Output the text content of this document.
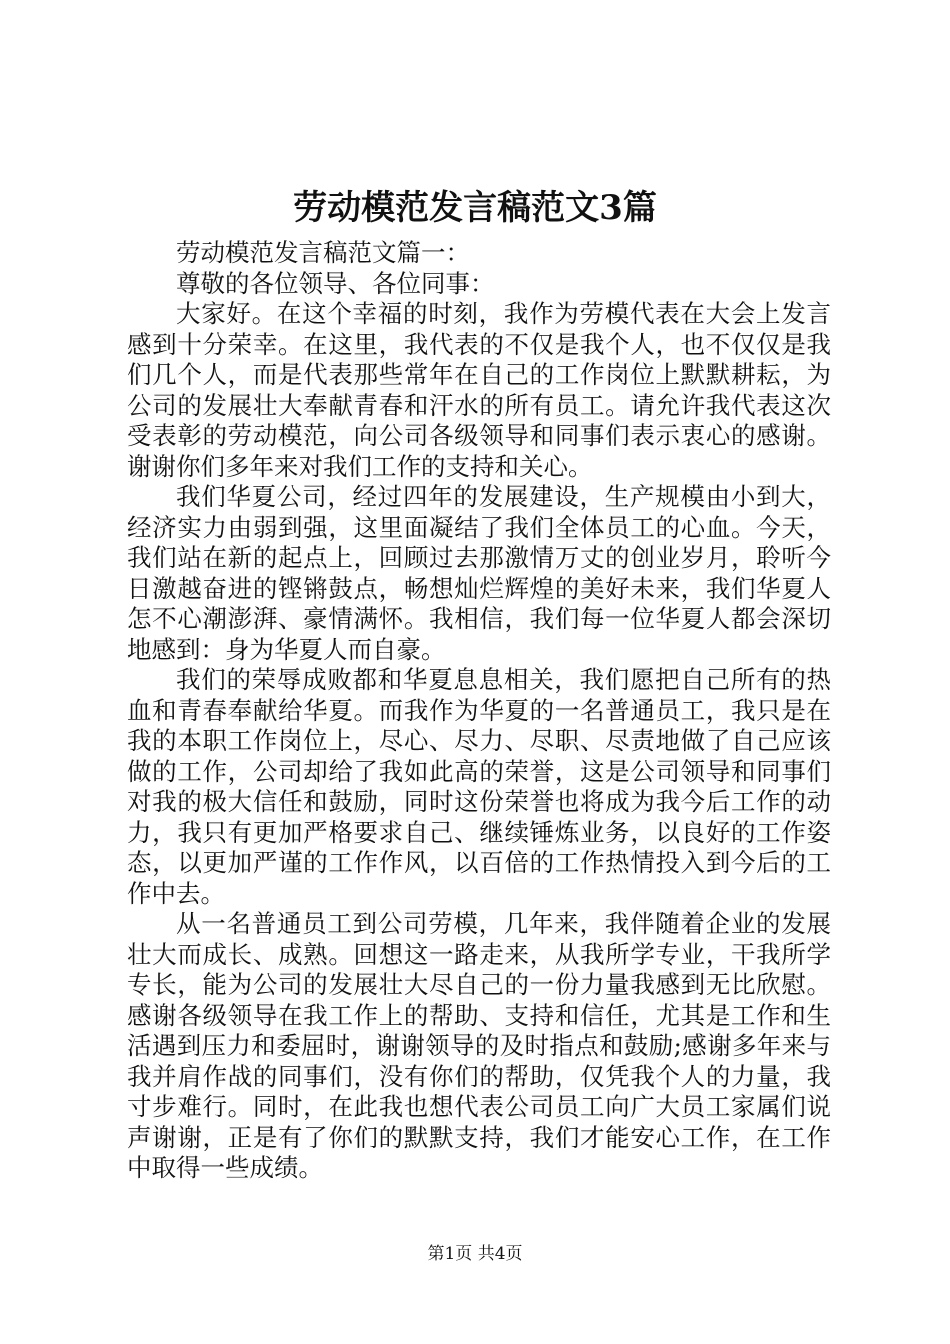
劳动模范发言稿范文3篇

劳动模范发言稿范文篇一：

尊敬的各位领导、各位同事：

大家好。在这个幸福的时刻，我作为劳模代表在大会上发言感到十分荣幸。在这里，我代表的不仅是我个人，也不仅仅是我们几个人，而是代表那些常年在自己的工作岗位上默默耕耘，为公司的发展壮大奉献青春和汗水的所有员工。请允许我代表这次受表彰的劳动模范，向公司各级领导和同事们表示衷心的感谢。谢谢你们多年来对我们工作的支持和关心。

我们华夏公司，经过四年的发展建设，生产规模由小到大，经济实力由弱到强，这里面凝结了我们全体员工的心血。今天，我们站在新的起点上，回顾过去那激情万丈的创业岁月，聆听今日激越奋进的铿锵鼓点，畅想灿烂辉煌的美好未来，我们华夏人怎不心潮澎湃、豪情满怀。我相信，我们每一位华夏人都会深切地感到：身为华夏人而自豪。

我们的荣辱成败都和华夏息息相关，我们愿把自己所有的热血和青春奉献给华夏。而我作为华夏的一名普通员工，我只是在我的本职工作岗位上，尽心、尽力、尽职、尽责地做了自己应该做的工作，公司却给了我如此高的荣誉，这是公司领导和同事们对我的极大信任和鼓励，同时这份荣誉也将成为我今后工作的动力，我只有更加严格要求自己、继续锤炼业务，以良好的工作姿态，以更加严谨的工作作风，以百倍的工作热情投入到今后的工作中去。

从一名普通员工到公司劳模，几年来，我伴随着企业的发展壮大而成长、成熟。回想这一路走来，从我所学专业，干我所学专长，能为公司的发展壮大尽自己的一份力量我感到无比欣慰。感谢各级领导在我工作上的帮助、支持和信任，尤其是工作和生活遇到压力和委屈时，谢谢领导的及时指点和鼓励;感谢多年来与我并肩作战的同事们，没有你们的帮助，仅凭我个人的力量，我寸步难行。同时，在此我也想代表公司员工向广大员工家属们说声谢谢，正是有了你们的默默支持，我们才能安心工作，在工作中取得一些成绩。

第1页 共4页
